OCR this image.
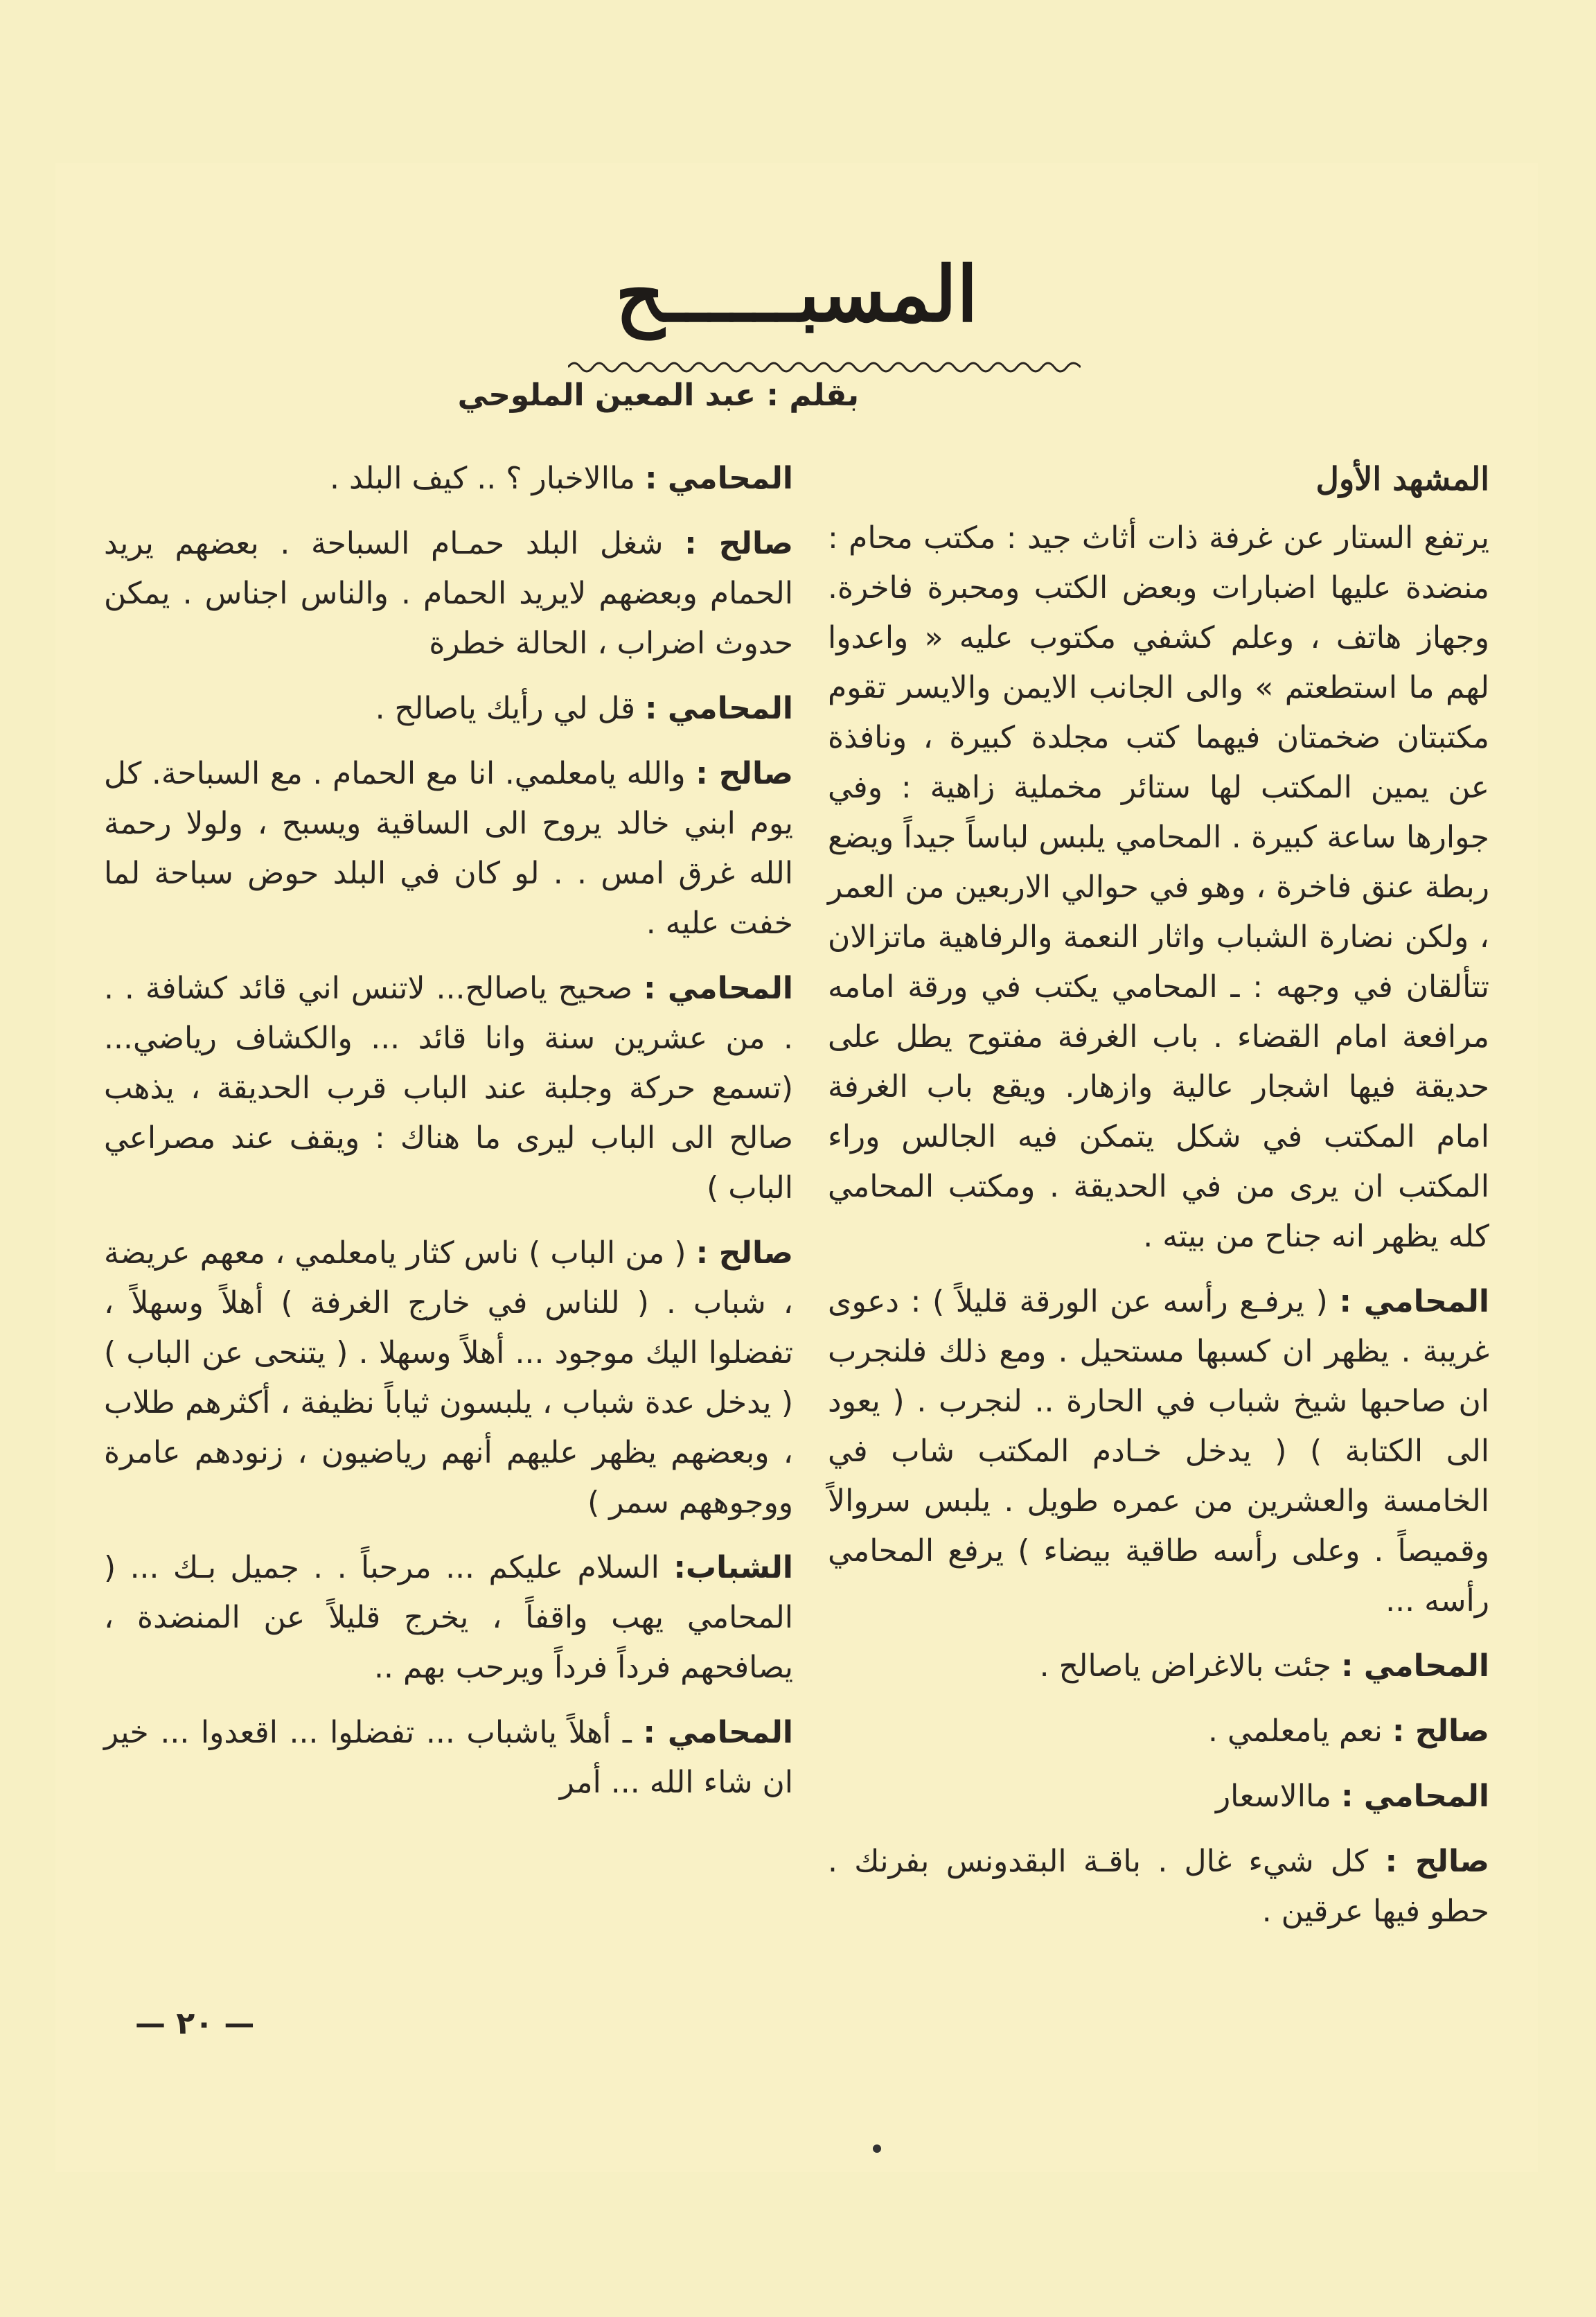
المسبــــــح
بقلم : عبد المعين الملوحي
المشهد الأول

يرتفع الستار عن غرفة ذات أثاث جيد : مكتب محام : منضدة عليها اضبارات وبعض الكتب ومحبرة فاخرة. وجهاز هاتف ، وعلم كشفي مكتوب عليه « واعدوا لهم ما استطعتم » والى الجانب الايمن والايسر تقوم مكتبتان ضخمتان فيهما كتب مجلدة كبيرة ، ونافذة عن يمين المكتب لها ستائر مخملية زاهية : وفي جوارها ساعة كبيرة . المحامي يلبس لباساً جيداً ويضع ربطة عنق فاخرة ، وهو في حوالي الاربعين من العمر ، ولكن نضارة الشباب واثار النعمة والرفاهية ماتزالان تتألقان في وجهه : ـ المحامي يكتب في ورقة امامه مرافعة امام القضاء . باب الغرفة مفتوح يطل على حديقة فيها اشجار عالية وازهار. ويقع باب الغرفة امام المكتب في شكل يتمكن فيه الجالس وراء المكتب ان يرى من في الحديقة . ومكتب المحامي كله يظهر انه جناح من بيته .

المحامي : ( يرفـع رأسه عن الورقة قليلاً ) : دعوى غريبة . يظهر ان كسبها مستحيل . ومع ذلك فلنجرب ان صاحبها شيخ شباب في الحارة .. لنجرب . ( يعود الى الكتابة ) ( يدخل خـادم المكتب شاب في الخامسة والعشرين من عمره طويل . يلبس سروالاً وقميصاً . وعلى رأسه طاقية بيضاء ) يرفع المحامي رأسه ...

المحامي : جئت بالاغراض ياصالح .

صالح : نعم يامعلمي .

المحامي : ماالاسعار

صالح : كل شيء غال . باقـة البقدونس بفرنك . حطو فيها عرقين .

المحامي : ماالاخبار ؟ .. كيف البلد .

صالح : شغل البلد حمـام السباحة . بعضهم يريد الحمام وبعضهم لايريد الحمام . والناس اجناس . يمكن حدوث اضراب ، الحالة خطرة

المحامي : قل لي رأيك ياصالح .

صالح : والله يامعلمي. انا مع الحمام . مع السباحة. كل يوم ابني خالد يروح الى الساقية ويسبح ، ولولا رحمة الله غرق امس . . لو كان في البلد حوض سباحة لما خفت عليه .

المحامي : صحيح ياصالح... لاتنس اني قائد كشافة . . . من عشرين سنة وانا قائد ... والكشاف رياضي... (تسمع حركة وجلبة عند الباب قرب الحديقة ، يذهب صالح الى الباب ليرى ما هناك : ويقف عند مصراعي الباب )

صالح : ( من الباب ) ناس كثار يامعلمي ، معهم عريضة ، شباب . ( للناس في خارج الغرفة ) أهلاً وسهلاً ، تفضلوا اليك موجود ... أهلاً وسهلا . ( يتنحى عن الباب ) ( يدخل عدة شباب ، يلبسون ثياباً نظيفة ، أكثرهم طلاب ، وبعضهم يظهر عليهم أنهم رياضيون ، زنودهم عامرة ووجوههم سمر )

الشباب: السلام عليكم ... مرحباً . . جميل بـك ... ( المحامي يهب واقفاً ، يخرج قليلاً عن المنضدة ، يصافحهم فرداً فرداً ويرحب بهم ..

المحامي : ـ أهلاً ياشباب ... تفضلوا ... اقعدوا ... خير ان شاء الله ... أمر

— ٢٠ —
